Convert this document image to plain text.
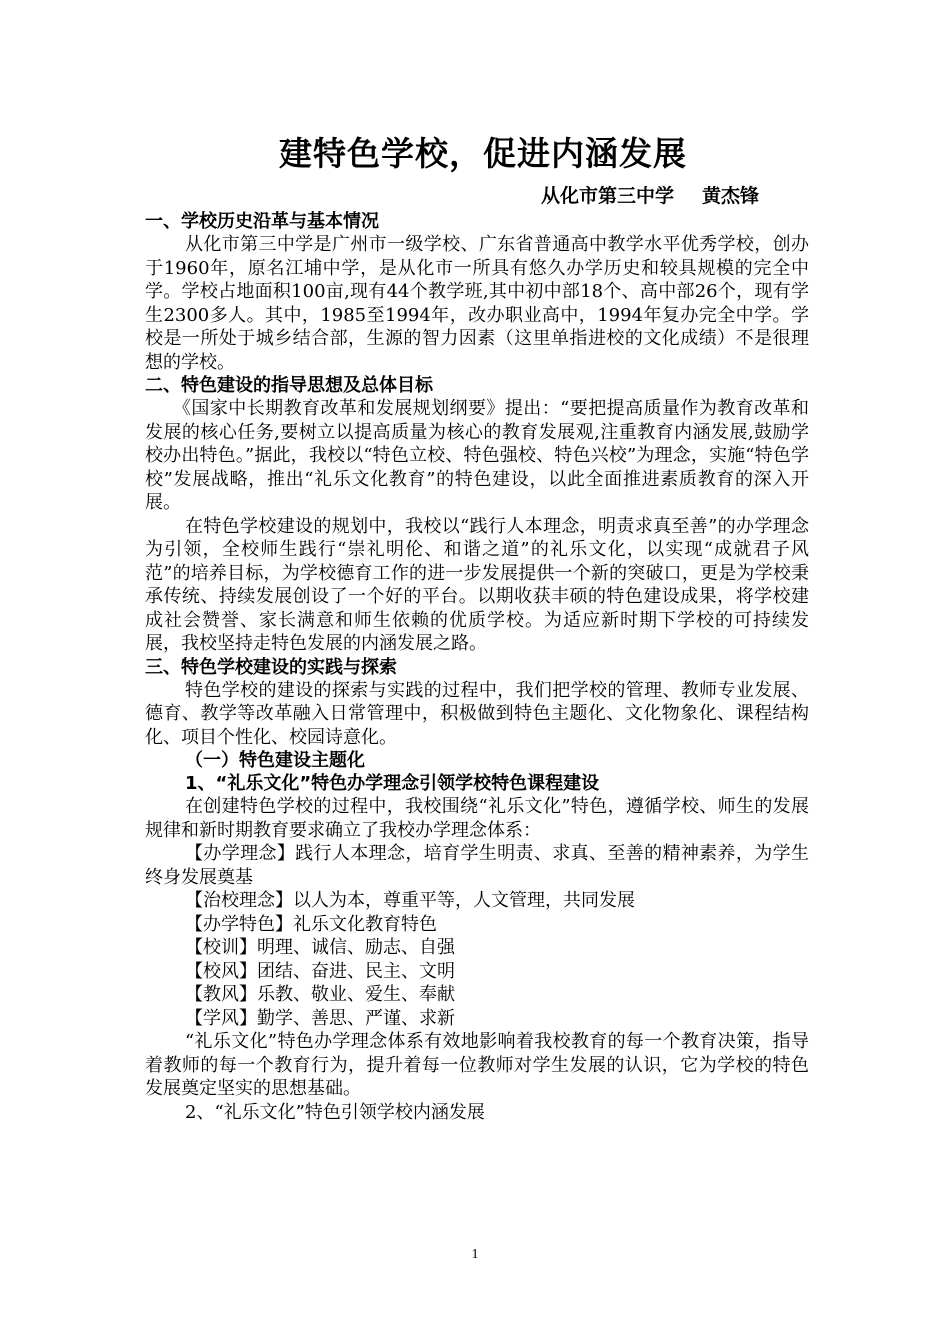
建特色学校，促进内涵发展
从化市第三中学 黄杰锋
一、学校历史沿革与基本情况

从化市第三中学是广州市一级学校、广东省普通高中教学水平优秀学校，创办于1960年，原名江埔中学，是从化市一所具有悠久办学历史和较具规模的完全中学。学校占地面积100亩,现有44个教学班,其中初中部18个、高中部26个，现有学生2300多人。其中，1985至1994年，改办职业高中，1994年复办完全中学。学校是一所处于城乡结合部，生源的智力因素（这里单指进校的文化成绩）不是很理想的学校。

二、特色建设的指导思想及总体目标

《国家中长期教育改革和发展规划纲要》提出：“要把提高质量作为教育改革和发展的核心任务,要树立以提高质量为核心的教育发展观,注重教育内涵发展,鼓励学校办出特色。”据此，我校以“特色立校、特色强校、特色兴校”为理念，实施“特色学校”发展战略，推出“礼乐文化教育”的特色建设，以此全面推进素质教育的深入开展。

在特色学校建设的规划中，我校以“践行人本理念，明责求真至善”的办学理念为引领，全校师生践行“崇礼明伦、和谐之道”的礼乐文化，以实现“成就君子风范”的培养目标，为学校德育工作的进一步发展提供一个新的突破口，更是为学校秉承传统、持续发展创设了一个好的平台。以期收获丰硕的特色建设成果，将学校建成社会赞誉、家长满意和师生依赖的优质学校。为适应新时期下学校的可持续发展，我校坚持走特色发展的内涵发展之路。

三、特色学校建设的实践与探索

特色学校的建设的探索与实践的过程中，我们把学校的管理、教师专业发展、德育、教学等改革融入日常管理中，积极做到特色主题化、文化物象化、课程结构化、项目个性化、校园诗意化。

（一）特色建设主题化
1、“礼乐文化”特色办学理念引领学校特色课程建设

在创建特色学校的过程中，我校围绕“礼乐文化”特色，遵循学校、师生的发展规律和新时期教育要求确立了我校办学理念体系：

【办学理念】践行人本理念，培育学生明责、求真、至善的精神素养，为学生终身发展奠基

【治校理念】以人为本，尊重平等，人文管理，共同发展

【办学特色】礼乐文化教育特色

【校训】明理、诚信、励志、自强

【校风】团结、奋进、民主、文明

【教风】乐教、敬业、爱生、奉献

【学风】勤学、善思、严谨、求新

“礼乐文化”特色办学理念体系有效地影响着我校教育的每一个教育决策，指导着教师的每一个教育行为，提升着每一位教师对学生发展的认识，它为学校的特色发展奠定坚实的思想基础。

2、“礼乐文化”特色引领学校内涵发展

1
